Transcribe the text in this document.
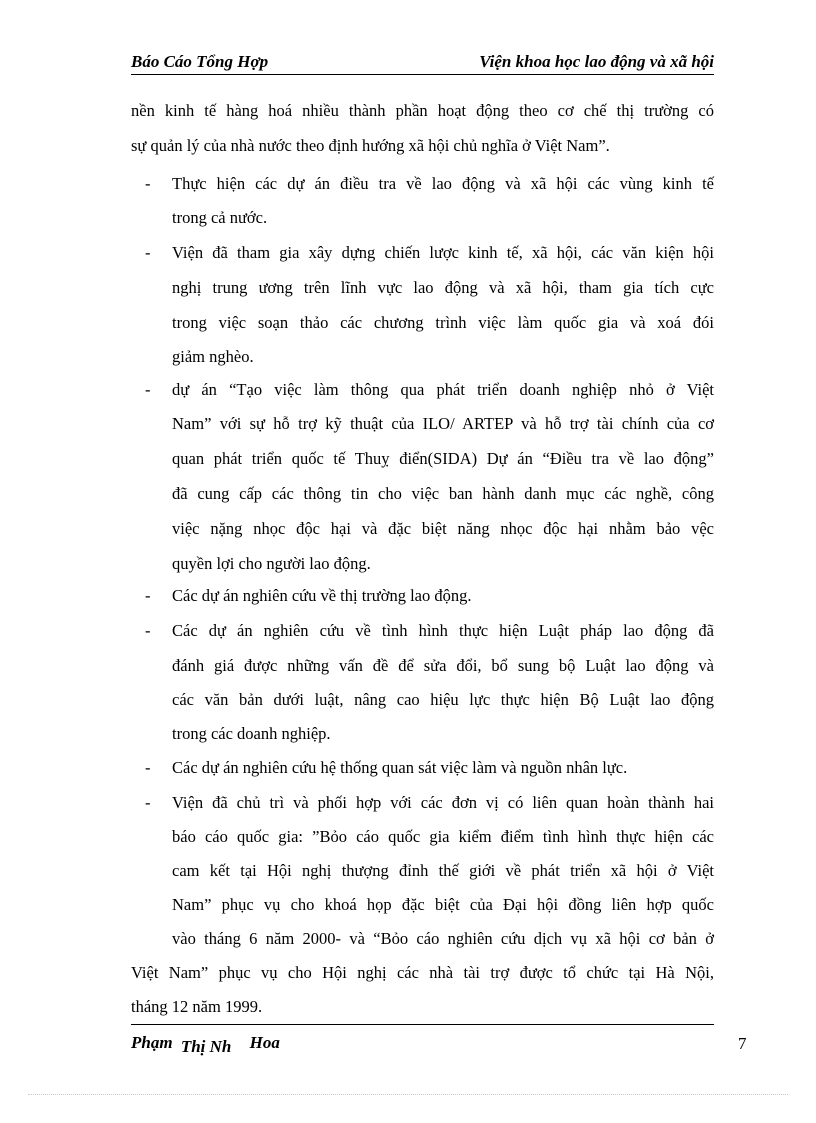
Báo Cáo Tổng Hợp	Viện khoa học lao động và xã hội
nền kinh tế hàng hoá nhiều thành phần hoạt động theo cơ chế thị trường có
sự quản lý của nhà nước theo định hướng xã hội chủ nghĩa ở Việt Nam”.
- Thực hiện các dự án điều tra về lao động và xã hội các vùng kinh tế
trong cả nước.
- Viện đã tham gia xây dựng chiến lược kinh tế, xã hội, các văn kiện hội
nghị trung ương trên lĩnh vực lao động và xã hội, tham gia tích cực
trong việc soạn thảo các chương trình việc làm quốc gia và xoá đói
giảm nghèo.
- dự án “Tạo việc làm thông qua phát triển doanh nghiệp nhỏ ở Việt
Nam” với sự hỗ trợ kỹ thuật của ILO/ ARTEP và hỗ trợ tài chính của cơ
quan phát triển quốc tế Thuỵ điển(SIDA) Dự án “Điều tra về lao động”
đã cung cấp các thông tin cho việc ban hành danh mục các nghề, công
việc nặng nhọc độc hại và đặc biệt năng nhọc độc hại nhằm bảo vệc
quyền lợi cho người lao động.
- Các dự án nghiên cứu về thị trường lao động.
- Các dự án nghiên cứu về tình hình thực hiện Luật pháp lao động đã
đánh giá được những vấn đề để sửa đổi, bổ sung bộ Luật lao động và
các văn bản dưới luật, nâng cao hiệu lực thực hiện Bộ Luật lao động
trong các doanh nghiệp.
- Các dự án nghiên cứu hệ thống quan sát việc làm và nguồn nhân lực.
- Viện đã chủ trì và phối hợp với các đơn vị có liên quan hoàn thành hai
báo cáo quốc gia: ”Bỏo cáo quốc gia kiểm điểm tình hình thực hiện các
cam kết tại Hội nghị thượng đỉnh thế giới về phát triển xã hội ở Việt
Nam” phục vụ cho khoá họp đặc biệt của Đại hội đồng liên hợp quốc
vào tháng 6 năm 2000- và “Bỏo cáo nghiên cứu dịch vụ xã hội cơ bản ở
Việt Nam” phục vụ cho Hội nghị các nhà tài trợ được tổ chức tại Hà Nội,
tháng 12 năm 1999.
Phạm Thị Nh Hoa	7
